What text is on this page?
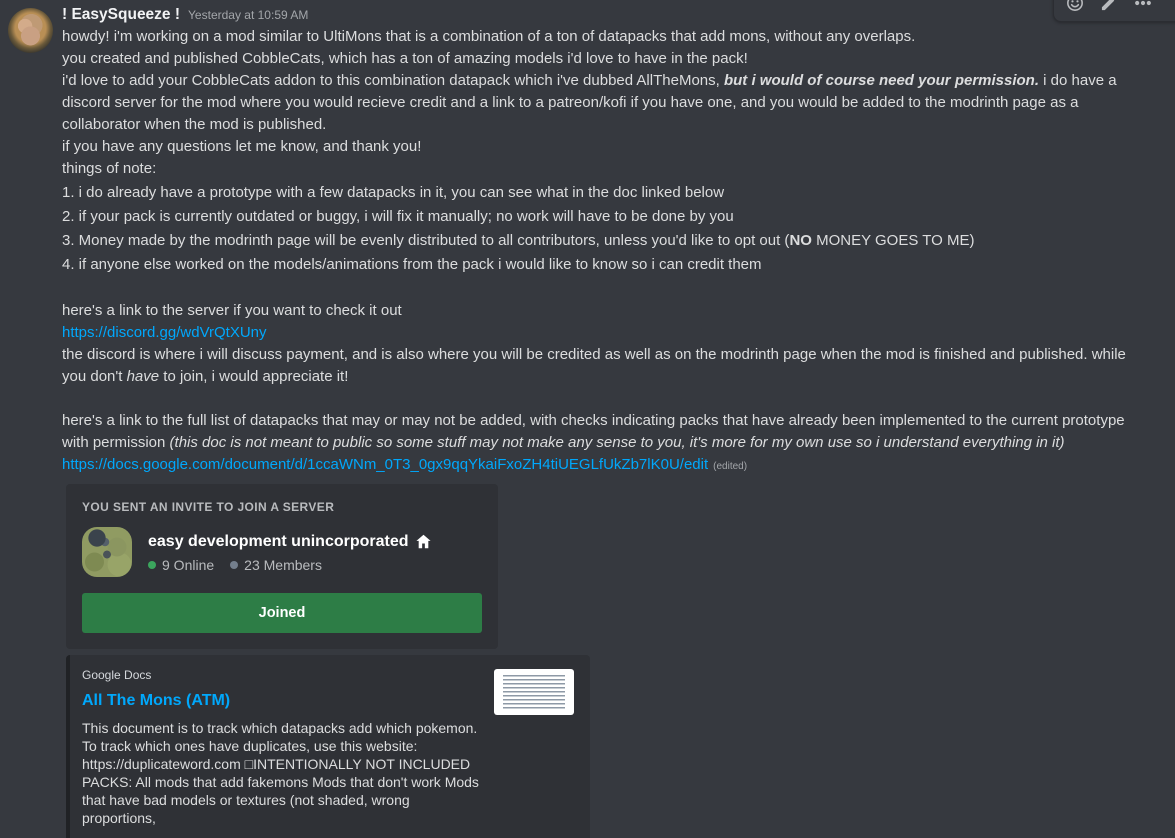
! EasySqueeze ! Yesterday at 10:59 AM
howdy! i'm working on a mod similar to UltiMons that is a combination of a ton of datapacks that add mons, without any overlaps.
you created and published CobbleCats, which has a ton of amazing models i'd love to have in the pack!
i'd love to add your CobbleCats addon to this combination datapack which i've dubbed AllTheMons, but i would of course need your permission. i do have a discord server for the mod where you would recieve credit and a link to a patreon/kofi if you have one, and you would be added to the modrinth page as a collaborator when the mod is published.
if you have any questions let me know, and thank you!
things of note:
1. i do already have a prototype with a few datapacks in it, you can see what in the doc linked below
2. if your pack is currently outdated or buggy, i will fix it manually; no work will have to be done by you
3. Money made by the modrinth page will be evenly distributed to all contributors, unless you'd like to opt out (NO MONEY GOES TO ME)
4. if anyone else worked on the models/animations from the pack i would like to know so i can credit them
here's a link to the server if you want to check it out
https://discord.gg/wdVrQtXUny
the discord is where i will discuss payment, and is also where you will be credited as well as on the modrinth page when the mod is finished and published. while you don't have to join, i would appreciate it!
here's a link to the full list of datapacks that may or may not be added, with checks indicating packs that have already been implemented to the current prototype with permission (this doc is not meant to public so some stuff may not make any sense to you, it's more for my own use so i understand everything in it)
https://docs.google.com/document/d/1ccaWNm_0T3_0gx9qqYkaiFxoZH4tiUEGLfUkZb7lK0U/edit (edited)
YOU SENT AN INVITE TO JOIN A SERVER
easy development unincorporated
9 Online 23 Members
Joined
Google Docs
All The Mons (ATM)
This document is to track which datapacks add which pokemon. To track which ones have duplicates, use this website: https://duplicateword.com □INTENTIONALLY NOT INCLUDED PACKS: All mods that add fakemons Mods that don't work Mods that have bad models or textures (not shaded, wrong proportions,
